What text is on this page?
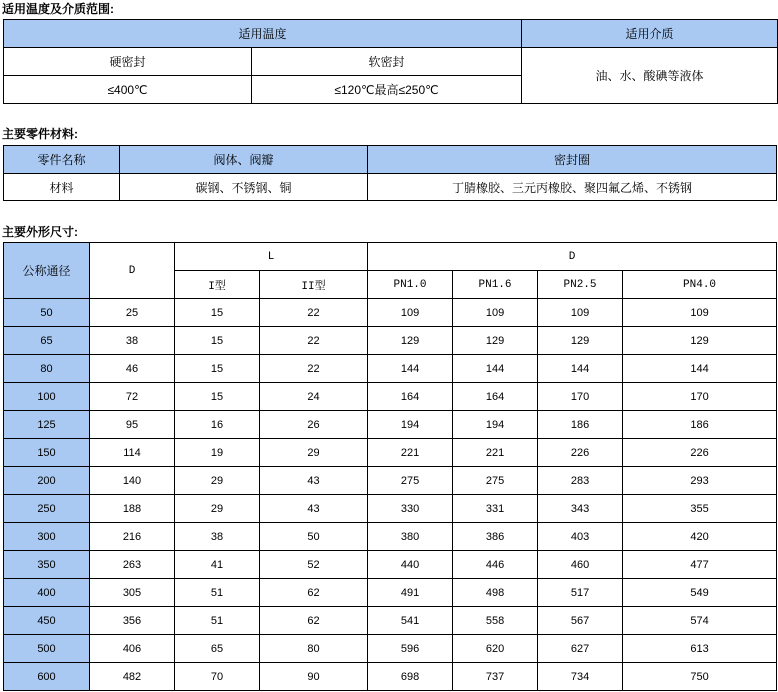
适用温度及介质范围:
适用温度		适用介质
硬密封	软密封	油、水、酸碘等液体
≤400℃	≤120℃最高≤250℃	
主要零件材料:
零件名称	阀体、阀瓣	密封圈
材料	碳钢、不锈钢、铜	丁腈橡胶、三元丙橡胶、聚四氟乙烯、不锈钢
主要外形尺寸:
公称通径	D	L		D			
		I型	II型	PN1.0	PN1.6	PN2.5	PN4.0
50	25	15	22	109	109	109	109
65	38	15	22	129	129	129	129
80	46	15	22	144	144	144	144
100	72	15	24	164	164	170	170
125	95	16	26	194	194	186	186
150	114	19	29	221	221	226	226
200	140	29	43	275	275	283	293
250	188	29	43	330	331	343	355
300	216	38	50	380	386	403	420
350	263	41	52	440	446	460	477
400	305	51	62	491	498	517	549
450	356	51	62	541	558	567	574
500	406	65	80	596	620	627	613
600	482	70	90	698	737	734	750
